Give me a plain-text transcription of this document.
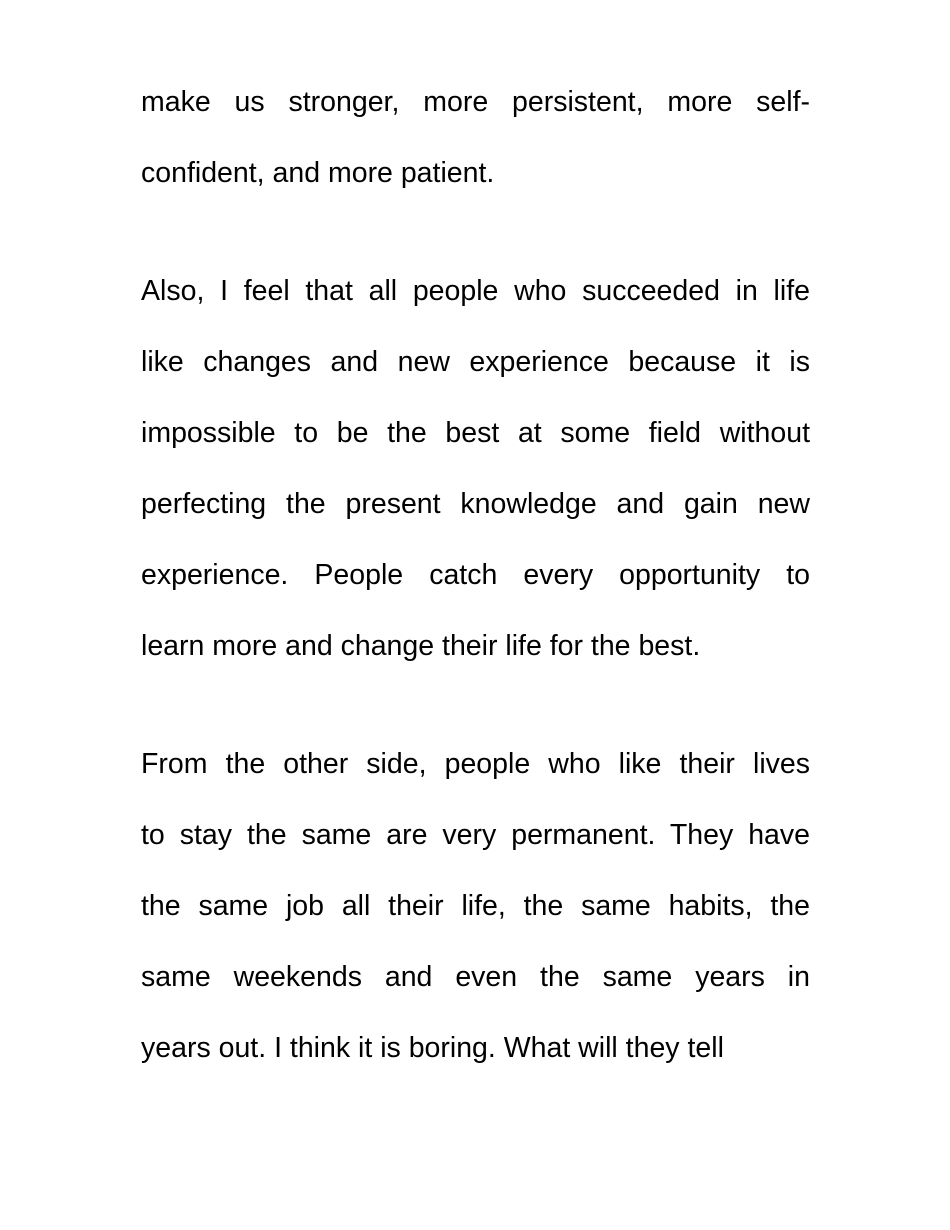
make us stronger, more persistent, more self-
confident, and more patient.

Also, I feel that all people who succeeded in life
like changes and new experience because it is
impossible to be the best at some field without
perfecting the present knowledge and gain new
experience. People catch every opportunity to
learn more and change their life for the best.

From the other side, people who like their lives
to stay the same are very permanent. They have
the same job all their life, the same habits, the
same weekends and even the same years in
years out. I think it is boring. What will they tell
